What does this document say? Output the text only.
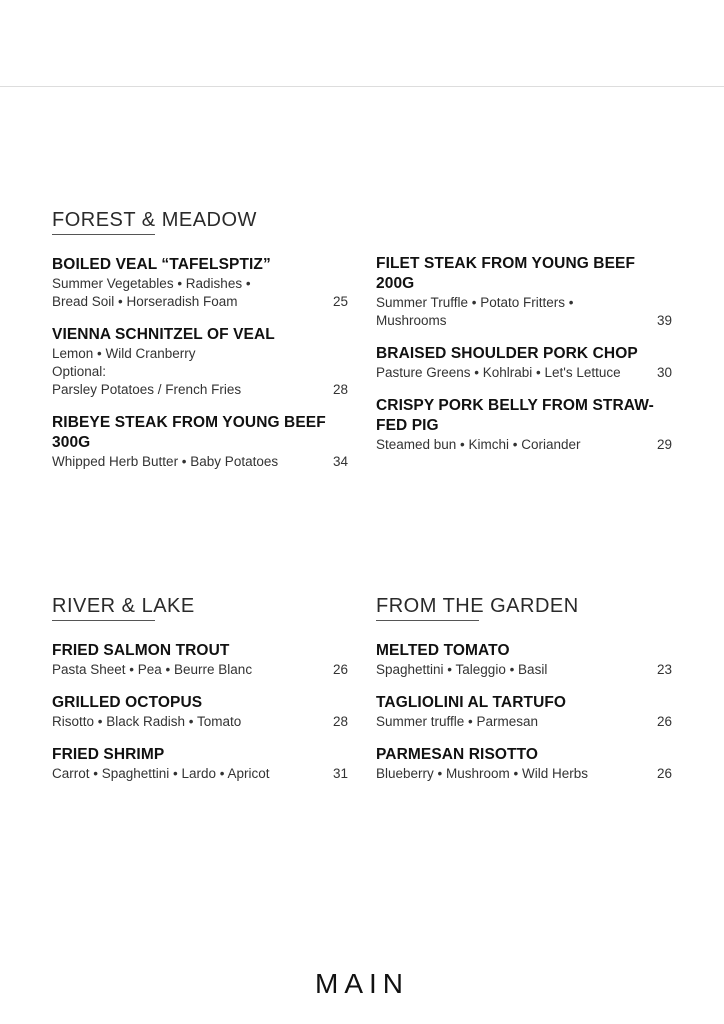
FOREST & MEADOW
BOILED VEAL “TAFELSPTIZ”
Summer Vegetables • Radishes •
Bread Soil • Horseradish Foam	25
VIENNA SCHNITZEL OF VEAL
Lemon • Wild Cranberry
Optional:
Parsley Potatoes / French Fries	28
RIBEYE STEAK FROM YOUNG BEEF 300G
Whipped Herb Butter • Baby Potatoes	34
FILET STEAK FROM YOUNG BEEF 200G
Summer Truffle • Potato Fritters •
Mushrooms	39
BRAISED SHOULDER PORK CHOP
Pasture Greens • Kohlrabi • Let's Lettuce	30
CRISPY PORK BELLY FROM STRAW-FED PIG
Steamed bun • Kimchi • Coriander	29
RIVER & LAKE
FRIED SALMON TROUT
Pasta Sheet • Pea • Beurre Blanc	26
GRILLED OCTOPUS
Risotto • Black Radish • Tomato	28
FRIED SHRIMP
Carrot • Spaghettini • Lardo • Apricot	31
FROM THE GARDEN
MELTED TOMATO
Spaghettini • Taleggio • Basil	23
TAGLIOLINI AL TARTUFO
Summer truffle • Parmesan	26
PARMESAN RISOTTO
Blueberry • Mushroom • Wild Herbs	26
MAIN
